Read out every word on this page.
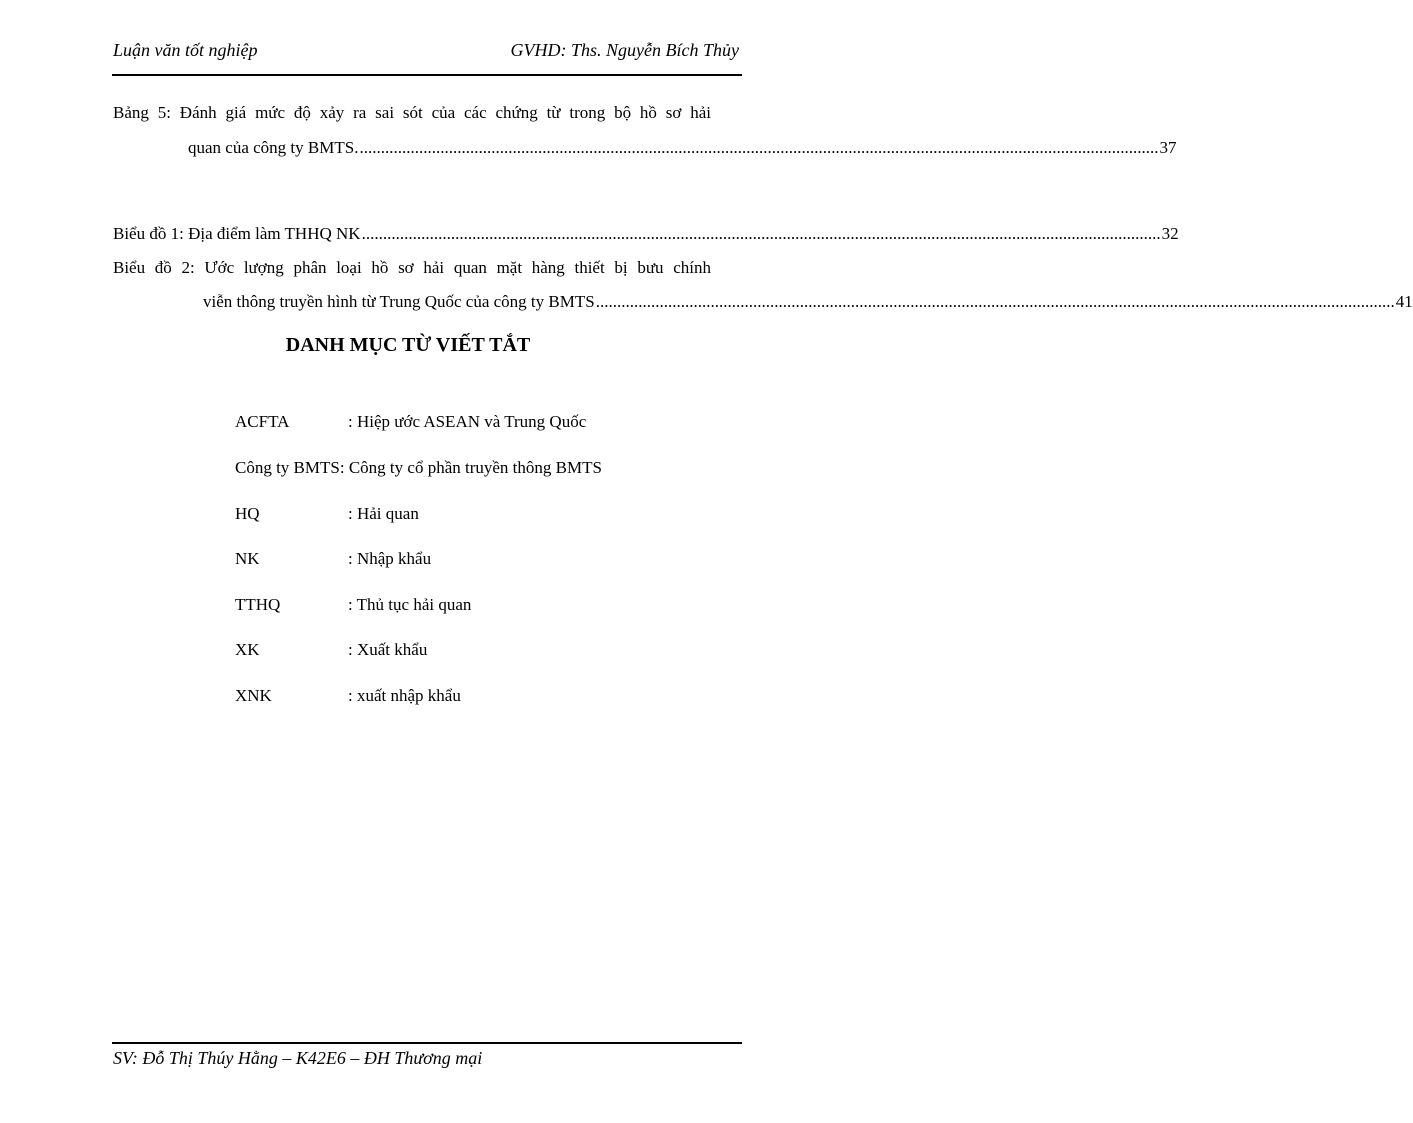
Luận văn tốt nghiệp	GVHD: Ths. Nguyễn Bích Thủy
Bảng 5: Đánh giá mức độ xảy ra sai sót của các chứng từ trong bộ hồ sơ hải
quan của công ty BMTS. ............................................................................................................................................................................................ 37
Biểu đồ 1: Địa điểm làm THHQ NK ............................................................................................................................................................................................ 32
Biểu đồ 2: Ước lượng phân loại hồ sơ hải quan mặt hàng thiết bị bưu chính
viễn thông truyền hình từ Trung Quốc của công ty BMTS ............................................................................................................................................................................................ 41
DANH MỤC TỪ VIẾT TẮT
ACFTA	: Hiệp ước ASEAN và Trung Quốc
Công ty BMTS: Công ty cổ phần truyền thông BMTS
HQ	: Hải quan
NK	: Nhập khẩu
TTHQ	: Thủ tục hải quan
XK	: Xuất khẩu
XNK	: xuất nhập khẩu
SV: Đỗ Thị Thúy Hằng – K42E6 – ĐH Thương mại
